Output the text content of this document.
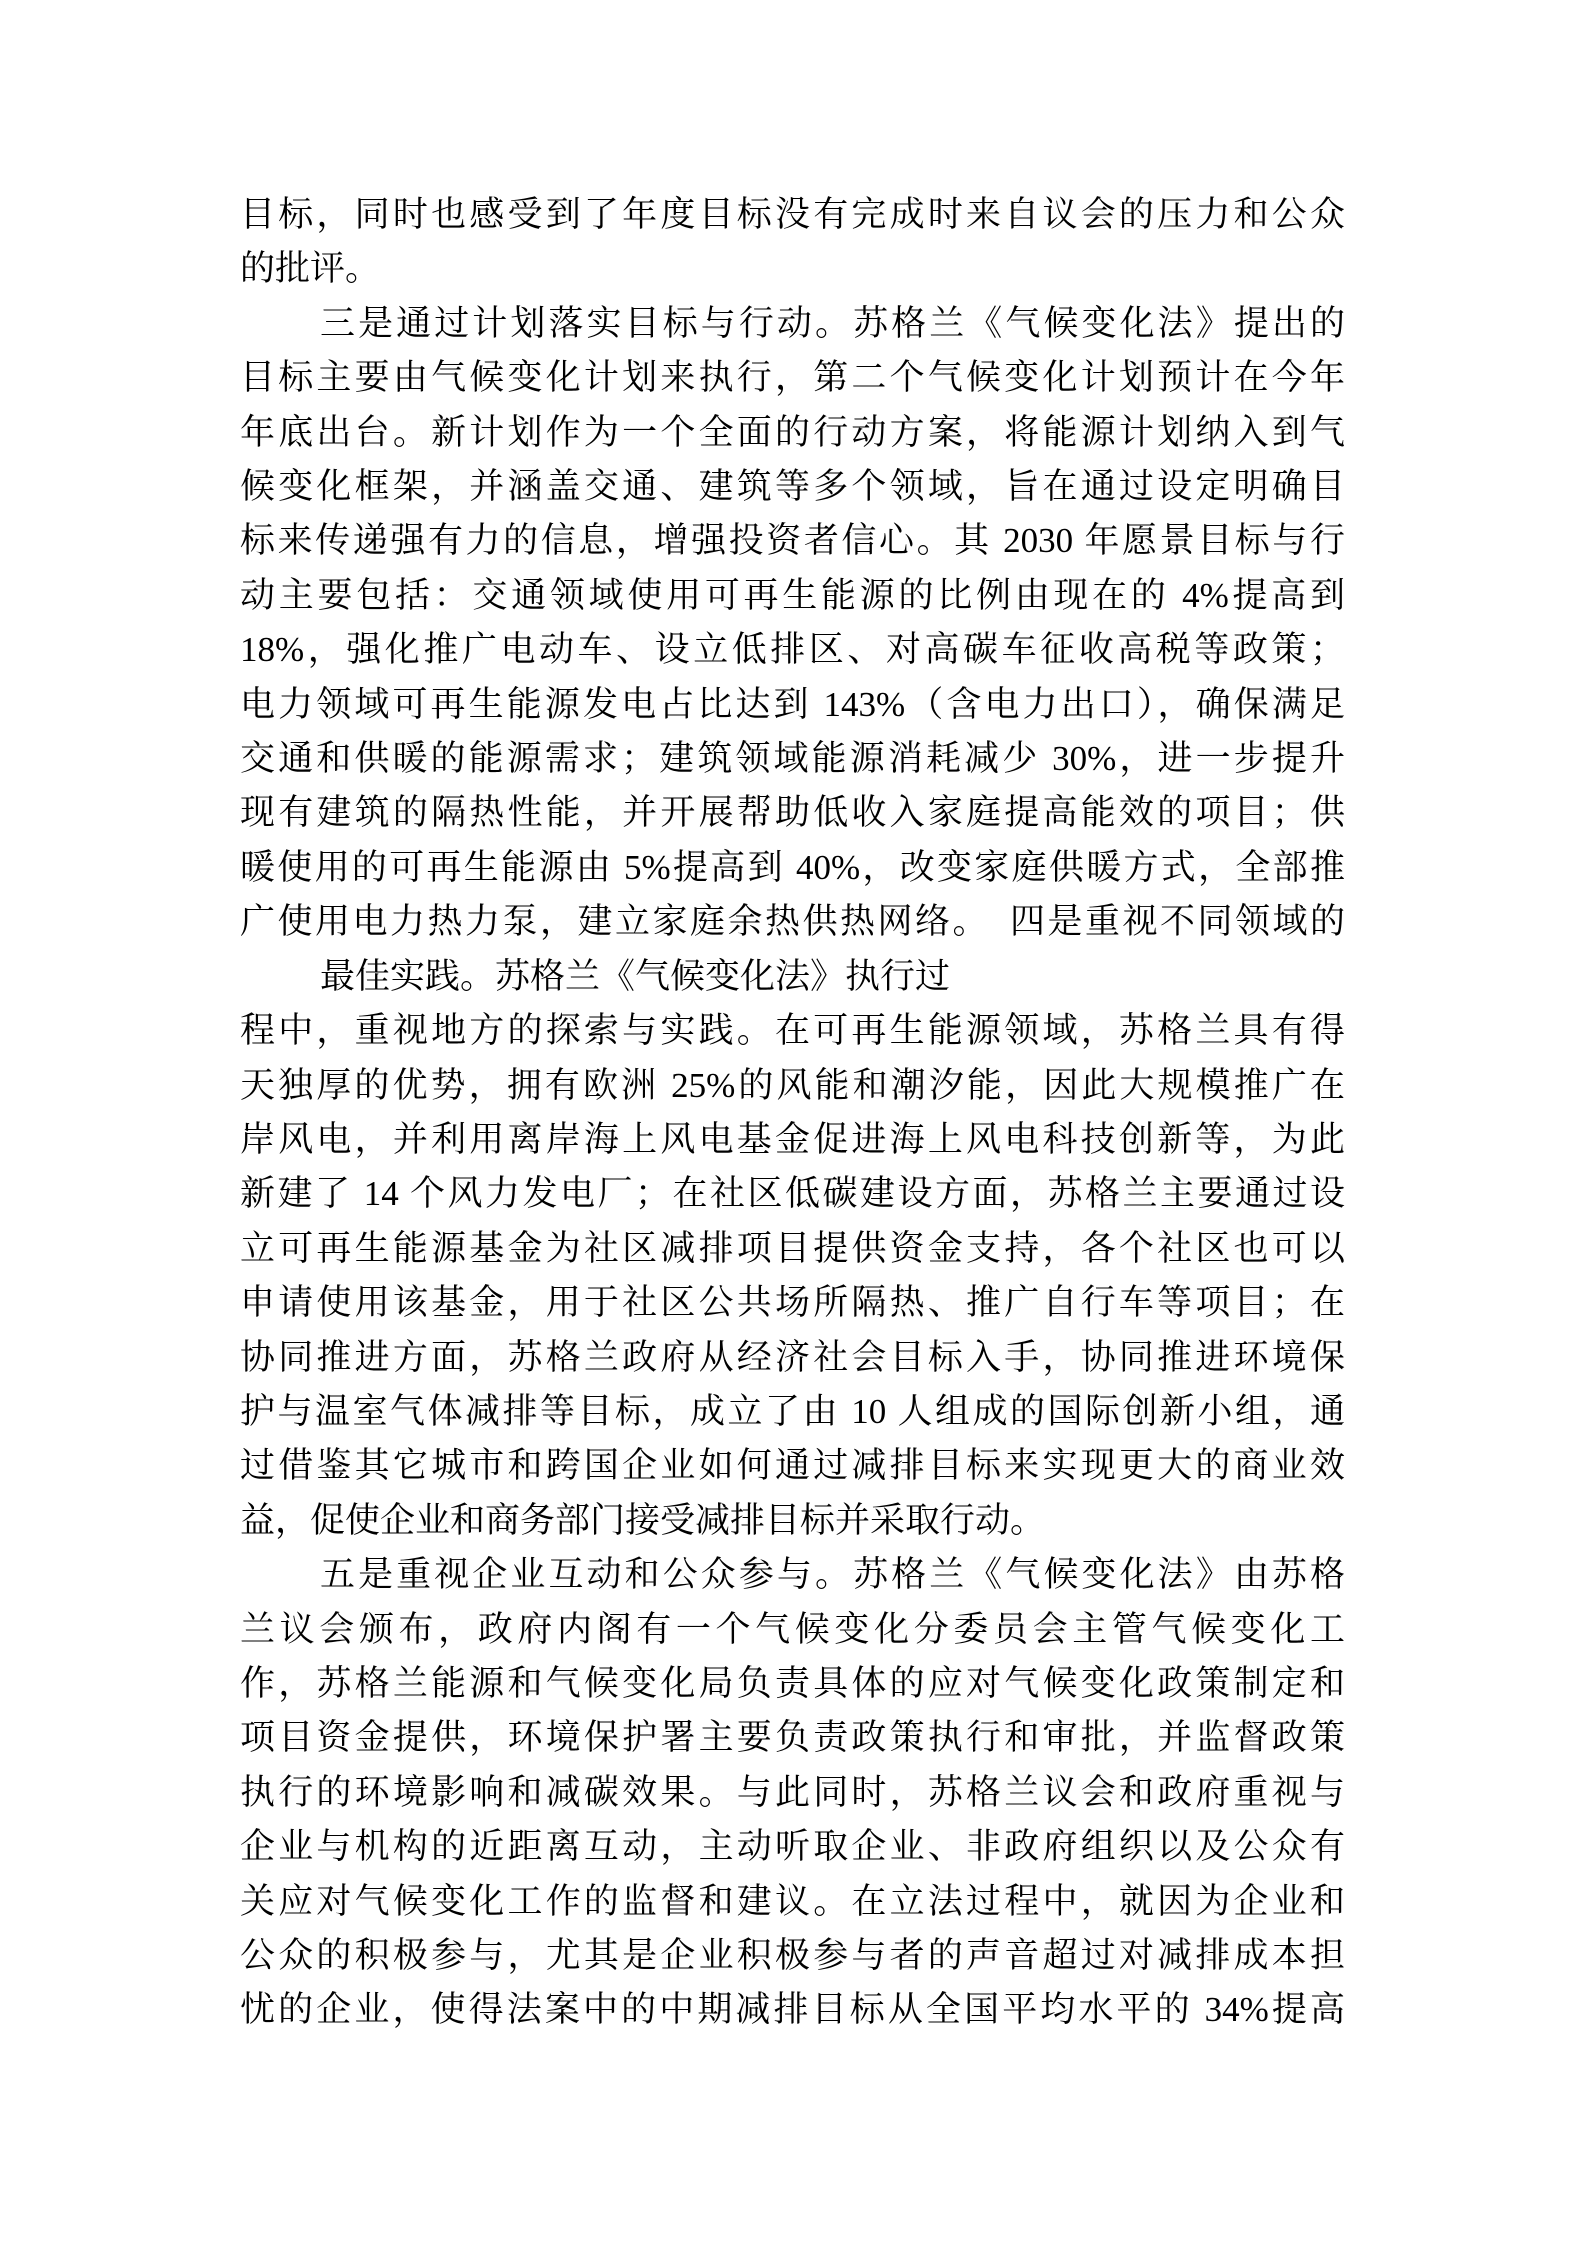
目标，同时也感受到了年度目标没有完成时来自议会的压力和公众
的批评。
三是通过计划落实目标与行动。苏格兰《气候变化法》提出的
目标主要由气候变化计划来执行，第二个气候变化计划预计在今年
年底出台。新计划作为一个全面的行动方案，将能源计划纳入到气
候变化框架，并涵盖交通、建筑等多个领域，旨在通过设定明确目
标来传递强有力的信息，增强投资者信心。其 2030 年愿景目标与行
动主要包括：交通领域使用可再生能源的比例由现在的 4%提高到
18%，强化推广电动车、设立低排区、对高碳车征收高税等政策；
电力领域可再生能源发电占比达到 143%（含电力出口），确保满足
交通和供暖的能源需求；建筑领域能源消耗减少 30%，进一步提升
现有建筑的隔热性能，并开展帮助低收入家庭提高能效的项目；供
暖使用的可再生能源由 5%提高到 40%，改变家庭供暖方式，全部推
广使用电力热力泵，建立家庭余热供热网络。　四是重视不同领域的
最佳实践。苏格兰《气候变化法》执行过
程中，重视地方的探索与实践。在可再生能源领域，苏格兰具有得
天独厚的优势，拥有欧洲 25%的风能和潮汐能，因此大规模推广在
岸风电，并利用离岸海上风电基金促进海上风电科技创新等，为此
新建了 14 个风力发电厂；在社区低碳建设方面，苏格兰主要通过设
立可再生能源基金为社区减排项目提供资金支持，各个社区也可以
申请使用该基金，用于社区公共场所隔热、推广自行车等项目；在
协同推进方面，苏格兰政府从经济社会目标入手，协同推进环境保
护与温室气体减排等目标，成立了由 10 人组成的国际创新小组，通
过借鉴其它城市和跨国企业如何通过减排目标来实现更大的商业效
益，促使企业和商务部门接受减排目标并采取行动。
五是重视企业互动和公众参与。苏格兰《气候变化法》由苏格
兰议会颁布，政府内阁有一个气候变化分委员会主管气候变化工
作，苏格兰能源和气候变化局负责具体的应对气候变化政策制定和
项目资金提供，环境保护署主要负责政策执行和审批，并监督政策
执行的环境影响和减碳效果。与此同时，苏格兰议会和政府重视与
企业与机构的近距离互动，主动听取企业、非政府组织以及公众有
关应对气候变化工作的监督和建议。在立法过程中，就因为企业和
公众的积极参与，尤其是企业积极参与者的声音超过对减排成本担
忧的企业，使得法案中的中期减排目标从全国平均水平的 34%提高
